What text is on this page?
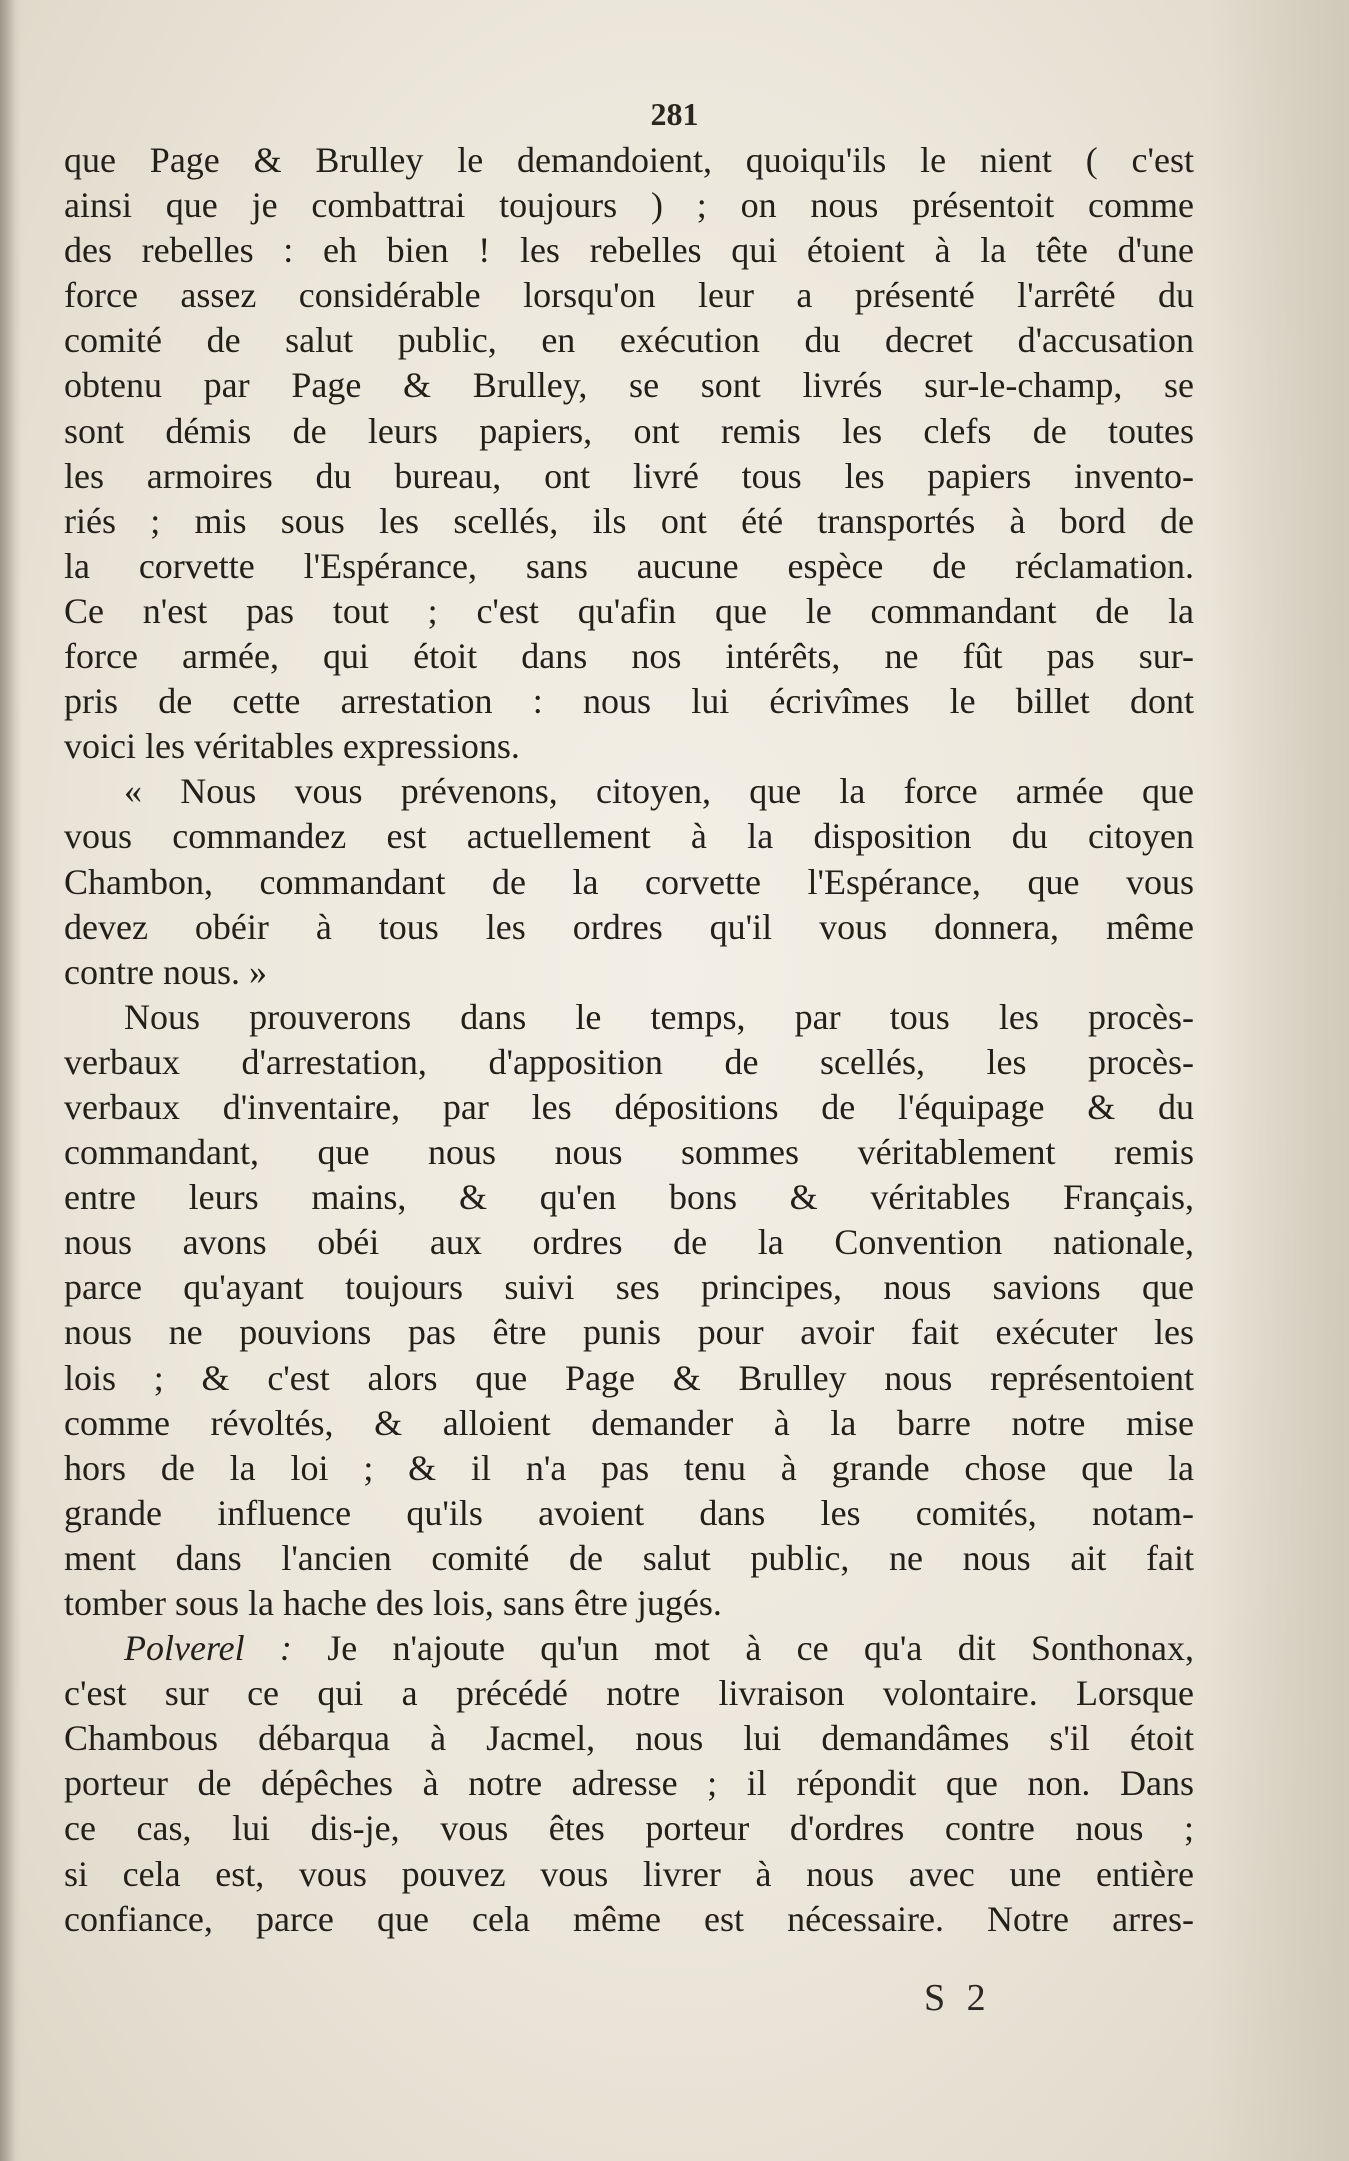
281
que Page & Brulley le demandoient, quoiqu'ils le nient ( c'est
ainsi que je combattrai toujours ) ; on nous présentoit comme
des rebelles : eh bien ! les rebelles qui étoient à la tête d'une
force assez considérable lorsqu'on leur a présenté l'arrêté du
comité de salut public, en exécution du decret d'accusation
obtenu par Page & Brulley, se sont livrés sur-le-champ, se
sont démis de leurs papiers, ont remis les clefs de toutes
les armoires du bureau, ont livré tous les papiers invento-
riés ; mis sous les scellés, ils ont été transportés à bord de
la corvette l'Espérance, sans aucune espèce de réclamation.
Ce n'est pas tout ; c'est qu'afin que le commandant de la
force armée, qui étoit dans nos intérêts, ne fût pas sur-
pris de cette arrestation : nous lui écrivîmes le billet dont
voici les véritables expressions.
« Nous vous prévenons, citoyen, que la force armée que
vous commandez est actuellement à la disposition du citoyen
Chambon, commandant de la corvette l'Espérance, que vous
devez obéir à tous les ordres qu'il vous donnera, même
contre nous. »
Nous prouverons dans le temps, par tous les procès-
verbaux d'arrestation, d'apposition de scellés, les procès-
verbaux d'inventaire, par les dépositions de l'équipage & du
commandant, que nous nous sommes véritablement remis
entre leurs mains, & qu'en bons & véritables Français,
nous avons obéi aux ordres de la Convention nationale,
parce qu'ayant toujours suivi ses principes, nous savions que
nous ne pouvions pas être punis pour avoir fait exécuter les
lois ; & c'est alors que Page & Brulley nous représentoient
comme révoltés, & alloient demander à la barre notre mise
hors de la loi ; & il n'a pas tenu à grande chose que la
grande influence qu'ils avoient dans les comités, notam-
ment dans l'ancien comité de salut public, ne nous ait fait
tomber sous la hache des lois, sans être jugés.
Polverel : Je n'ajoute qu'un mot à ce qu'a dit Sonthonax,
c'est sur ce qui a précédé notre livraison volontaire. Lorsque
Chambous débarqua à Jacmel, nous lui demandâmes s'il étoit
porteur de dépêches à notre adresse ; il répondit que non. Dans
ce cas, lui dis-je, vous êtes porteur d'ordres contre nous ;
si cela est, vous pouvez vous livrer à nous avec une entière
confiance, parce que cela même est nécessaire. Notre arres-
S 2
